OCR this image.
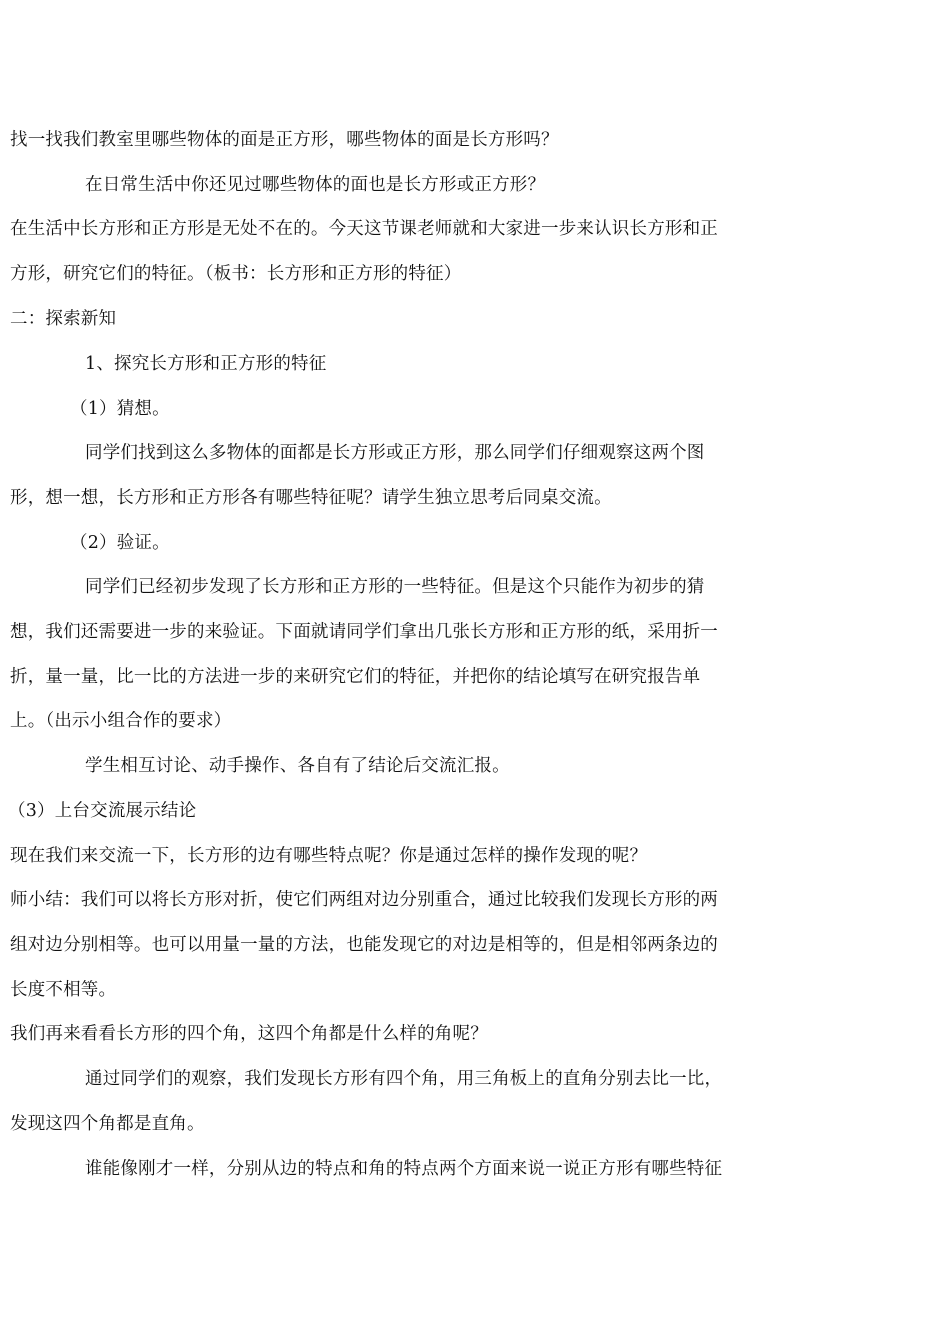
找一找我们教室里哪些物体的面是正方形，哪些物体的面是长方形吗？
在日常生活中你还见过哪些物体的面也是长方形或正方形？
在生活中长方形和正方形是无处不在的。今天这节课老师就和大家进一步来认识长方形和正
方形，研究它们的特征。（板书：长方形和正方形的特征）
二：探索新知
1、探究长方形和正方形的特征
（1）猜想。
同学们找到这么多物体的面都是长方形或正方形，那么同学们仔细观察这两个图
形，想一想，长方形和正方形各有哪些特征呢？请学生独立思考后同桌交流。
（2）验证。
同学们已经初步发现了长方形和正方形的一些特征。但是这个只能作为初步的猜
想，我们还需要进一步的来验证。下面就请同学们拿出几张长方形和正方形的纸，采用折一
折，量一量，比一比的方法进一步的来研究它们的特征，并把你的结论填写在研究报告单
上。（出示小组合作的要求）
学生相互讨论、动手操作、各自有了结论后交流汇报。
（3）上台交流展示结论
现在我们来交流一下，长方形的边有哪些特点呢？你是通过怎样的操作发现的呢？
师小结：我们可以将长方形对折，使它们两组对边分别重合，通过比较我们发现长方形的两
组对边分别相等。也可以用量一量的方法，也能发现它的对边是相等的，但是相邻两条边的
长度不相等。
我们再来看看长方形的四个角，这四个角都是什么样的角呢？
通过同学们的观察，我们发现长方形有四个角，用三角板上的直角分别去比一比，
发现这四个角都是直角。
谁能像刚才一样，分别从边的特点和角的特点两个方面来说一说正方形有哪些特征
